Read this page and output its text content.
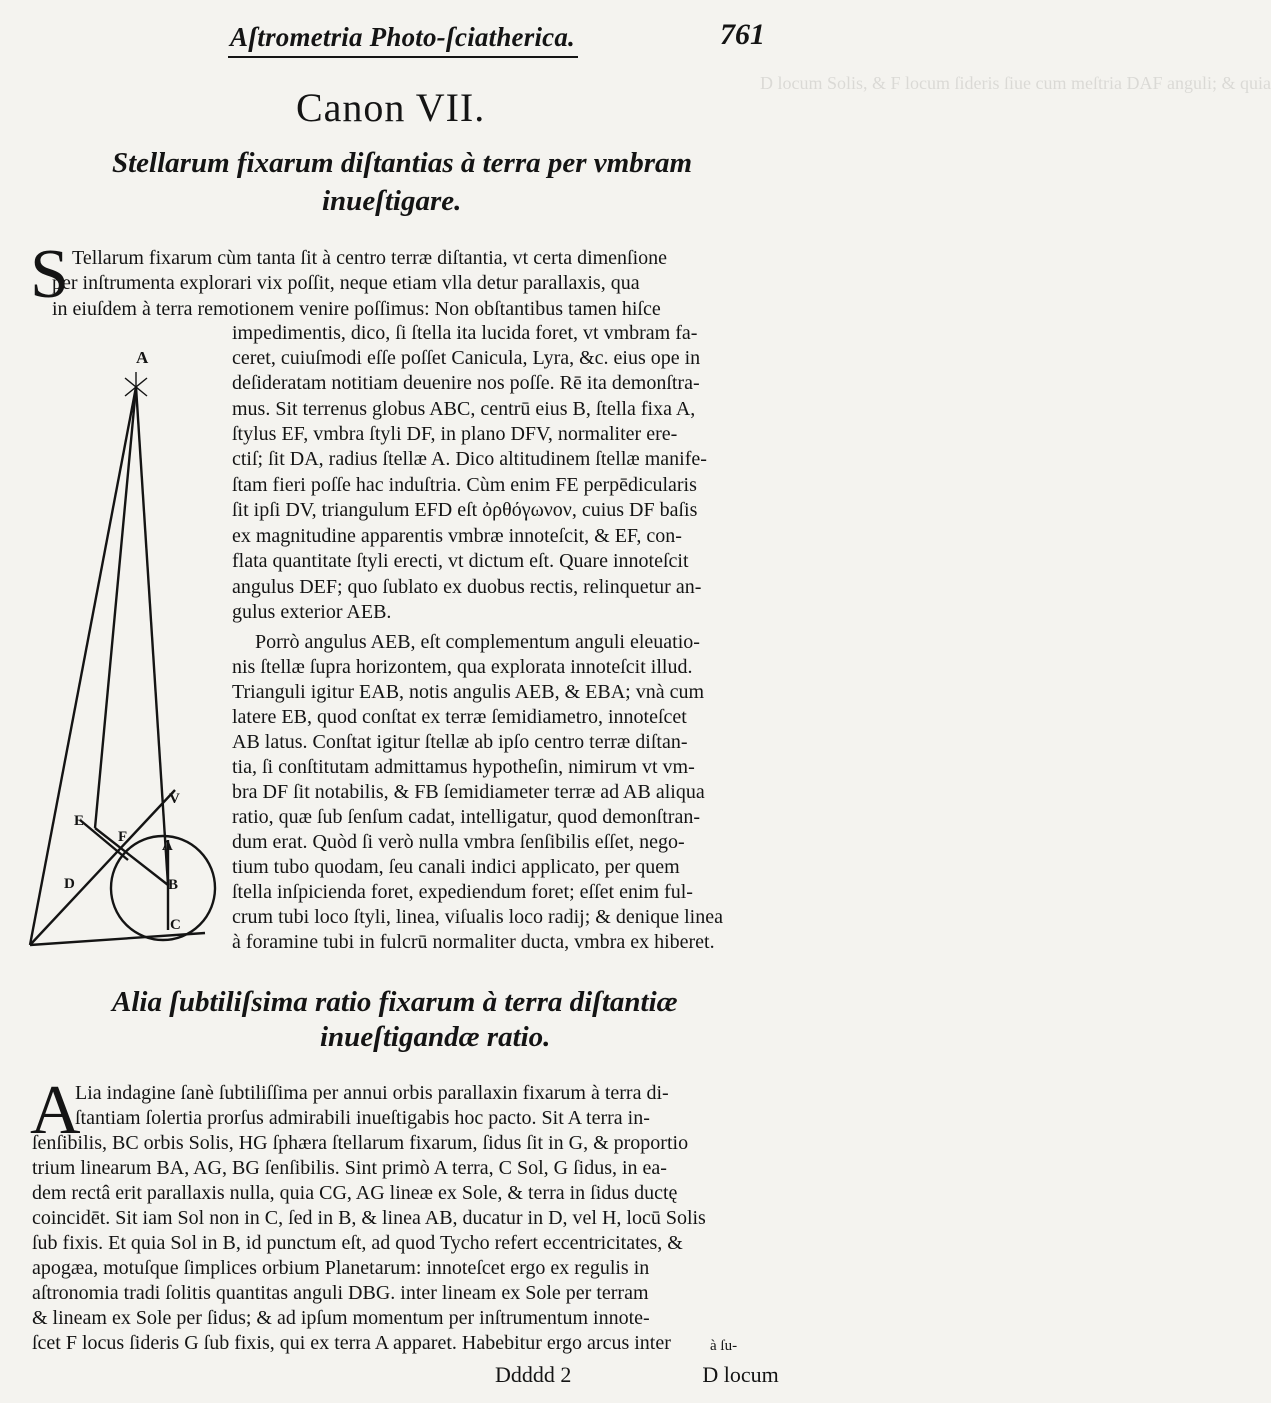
D locum Solis, & F locum ſideris ſiue cum meſtria DAF anguli; & quia
Aſtrometria Photo-ſciatherica.	761
Canon VII.
Stellarum fixarum diſtantias à terra per vmbram
inueſtigare.
S Tellarum fixarum cùm tanta ſit à centro terræ diſtantia, vt certa dimenſione
per inſtrumenta explorari vix poſſit, neque etiam vlla detur parallaxis, qua
in eiuſdem à terra remotionem venire poſſimus: Non obſtantibus tamen hiſce
impedimentis, dico, ſi ſtella ita lucida foret, vt vmbram fa-
ceret, cuiuſmodi eſſe poſſet Canicula, Lyra, &c. eius ope in
deſideratam notitiam deuenire nos poſſe. Rē ita demonſtra-
mus. Sit terrenus globus ABC, centrū eius B, ſtella fixa A,
ſtylus EF, vmbra ſtyli DF, in plano DFV, normaliter ere-
ctiſ; ſit DA, radius ſtellæ A. Dico altitudinem ſtellæ manife-
ſtam fieri poſſe hac induſtria. Cùm enim FE perpēdicularis
ſit ipſi DV, triangulum EFD eſt ὀρθόγωνον, cuius DF baſis
ex magnitudine apparentis vmbræ innoteſcit, & EF, con-
flata quantitate ſtyli erecti, vt dictum eſt. Quare innoteſcit
angulus DEF; quo ſublato ex duobus rectis, relinquetur an-
gulus exterior AEB.
Porrò angulus AEB, eſt complementum anguli eleuatio-
nis ſtellæ ſupra horizontem, qua explorata innoteſcit illud.
Trianguli igitur EAB, notis angulis AEB, & EBA; vnà cum
latere EB, quod conſtat ex terræ ſemidiametro, innoteſcet
AB latus. Conſtat igitur ſtellæ ab ipſo centro terræ diſtan-
tia, ſi conſtitutam admittamus hypotheſin, nimirum vt vm-
bra DF ſit notabilis, & FB ſemidiameter terræ ad AB aliqua
ratio, quæ ſub ſenſum cadat, intelligatur, quod demonſtran-
dum erat. Quòd ſi verò nulla vmbra ſenſibilis eſſet, nego-
tium tubo quodam, ſeu canali indici applicato, per quem
ſtella inſpicienda foret, expediendum foret; eſſet enim ful-
crum tubi loco ſtyli, linea, viſualis loco radij; & denique linea
à foramine tubi in fulcrū normaliter ducta, vmbra ex hiberet.
A
E
F
V
D	B
C
Λ
Alia ſubtiliſsima ratio fixarum à terra diſtantiæ
inueſtigandæ ratio.
A
Lia indagine ſanè ſubtiliſſima per annui orbis parallaxin fixarum à terra di-
ſtantiam ſolertia prorſus admirabili inueſtigabis hoc pacto. Sit A terra in-
ſenſibilis, BC orbis Solis, HG ſphæra ſtellarum fixarum, ſidus ſit in G, & proportio
trium linearum BA, AG, BG ſenſibilis. Sint primò A terra, C Sol, G ſidus, in ea-
dem rectâ erit parallaxis nulla, quia CG, AG lineæ ex Sole, & terra in ſidus ductę
coincidēt. Sit iam Sol non in C, ſed in B, & linea AB, ducatur in D, vel H, locū Solis
ſub fixis. Et quia Sol in B, id punctum eſt, ad quod Tycho refert eccentricitates, &
apogæa, motuſque ſimplices orbium Planetarum: innoteſcet ergo ex regulis in
aſtronomia tradi ſolitis quantitas anguli DBG. inter lineam ex Sole per terram
& lineam ex Sole per ſidus; & ad ipſum momentum per inſtrumentum innote-
ſcet F locus ſideris G ſub fixis, qui ex terra A apparet. Habebitur ergo arcus inter
Ddddd 2	D locum
à ſu-
